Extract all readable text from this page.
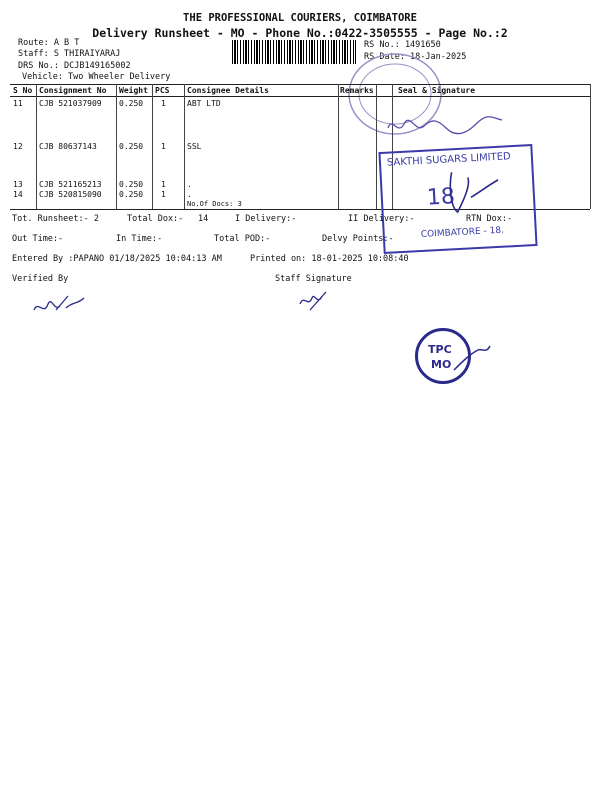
THE PROFESSIONAL COURIERS, COIMBATORE
Delivery Runsheet - MO - Phone No.:0422-3505555 - Page No.:2
Route: A B T
Staff: S THIRAIYARAJ
DRS No.: DCJB149165002
Vehicle: Two Wheeler Delivery
RS No.: 1491650
RS Date: 18-Jan-2025
S No Consignment No Weight PCS Consignee Details	Remarks	Seal & Signature
11 CJB 521037909 0.250 1	ABT LTD
12 CJB 80637143	0.250 1	SSL
13 CJB 521165213 0.250 1	.
14 CJB 520815090 0.250 1	.
No.Of Docs: 3
SAKTHI SUGARS LIMITED
18
COIMBATORE - 18.
Tot. Runsheet:- 2	Total Dox:- 14	I Delivery:-	II Delivery:-	RTN Dox:-
Out Time:-	In Time:-	Total POD:-	Delvy Points:-
Entered By :PAPANO 01/18/2025 10:04:13 AM	Printed on: 18-01-2025 10:08:40
Verified By	Staff Signature
TPC
MO
